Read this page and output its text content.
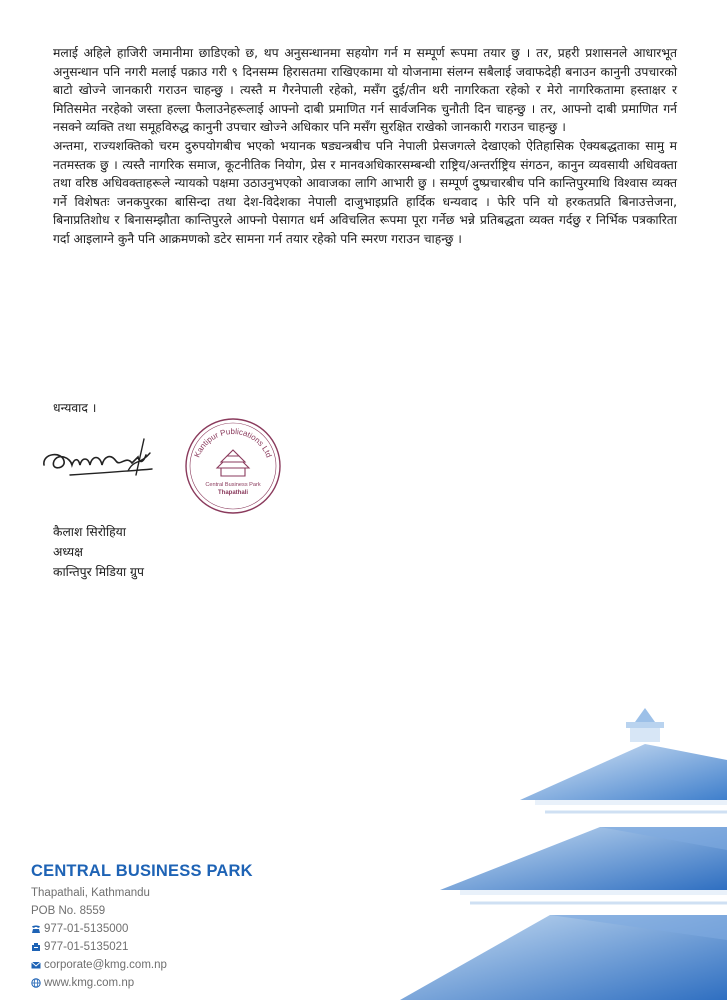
मलाई अहिले हाजिरी जमानीमा छाडिएको छ, थप अनुसन्धानमा सहयोग गर्न म सम्पूर्ण रूपमा तयार छु । तर, प्रहरी प्रशासनले आधारभूत अनुसन्धान पनि नगरी मलाई पक्राउ गरी ९ दिनसम्म हिरासतमा राखिएकामा यो योजनामा संलग्न सबैलाई जवाफदेही बनाउन कानुनी उपचारको बाटो खोज्ने जानकारी गराउन चाहन्छु । त्यस्तै म गैरनेपाली रहेको, मसँग दुई/तीन थरी नागरिकता रहेको र मेरो नागरिकतामा हस्ताक्षर र मितिसमेत नरहेको जस्ता हल्ला फैलाउनेहरूलाई आफ्नो दाबी प्रमाणित गर्न सार्वजनिक चुनौती दिन चाहन्छु । तर, आफ्नो दाबी प्रमाणित गर्न नसक्ने व्यक्ति तथा समूहविरुद्ध कानुनी उपचार खोज्ने अधिकार पनि मसँग सुरक्षित राखेको जानकारी गराउन चाहन्छु ।

अन्तमा, राज्यशक्तिको चरम दुरुपयोगबीच भएको भयानक षड्यन्त्रबीच पनि नेपाली प्रेसजगत्ले देखाएको ऐतिहासिक ऐक्यबद्धताका सामु म नतमस्तक छु । त्यस्तै नागरिक समाज, कूटनीतिक नियोग, प्रेस र मानवअधिकारसम्बन्धी राष्ट्रिय/अन्तर्राष्ट्रिय संगठन, कानुन व्यवसायी अधिवक्ता तथा वरिष्ठ अधिवक्ताहरूले न्यायको पक्षमा उठाउनुभएको आवाजका लागि आभारी छु । सम्पूर्ण दुष्प्रचारबीच पनि कान्तिपुरमाथि विश्वास व्यक्त गर्ने विशेषतः जनकपुरका बासिन्दा तथा देश-विदेशका नेपाली दाजुभाइप्रति हार्दिक धन्यवाद । फेरि पनि यो हरकतप्रति बिनाउत्तेजना, बिनाप्रतिशोध र बिनासम्झौता कान्तिपुरले आफ्नो पेसागत धर्म अविचलित रूपमा पूरा गर्नेछ भन्ने प्रतिबद्धता व्यक्त गर्दछु र निर्भिक पत्रकारिता गर्दा आइलाग्ने कुनै पनि आक्रमणको डटेर सामना गर्न तयार रहेको पनि स्मरण गराउन चाहन्छु ।

धन्यवाद ।
Kantipur Publications Ltd
Central Business Park
Thapathali
कैलाश सिरोहिया
अध्यक्ष
कान्तिपुर मिडिया ग्रुप
CENTRAL BUSINESS PARK
Thapathali, Kathmandu
POB No. 8559
977-01-5135000
977-01-5135021
corporate@kmg.com.np
www.kmg.com.np
